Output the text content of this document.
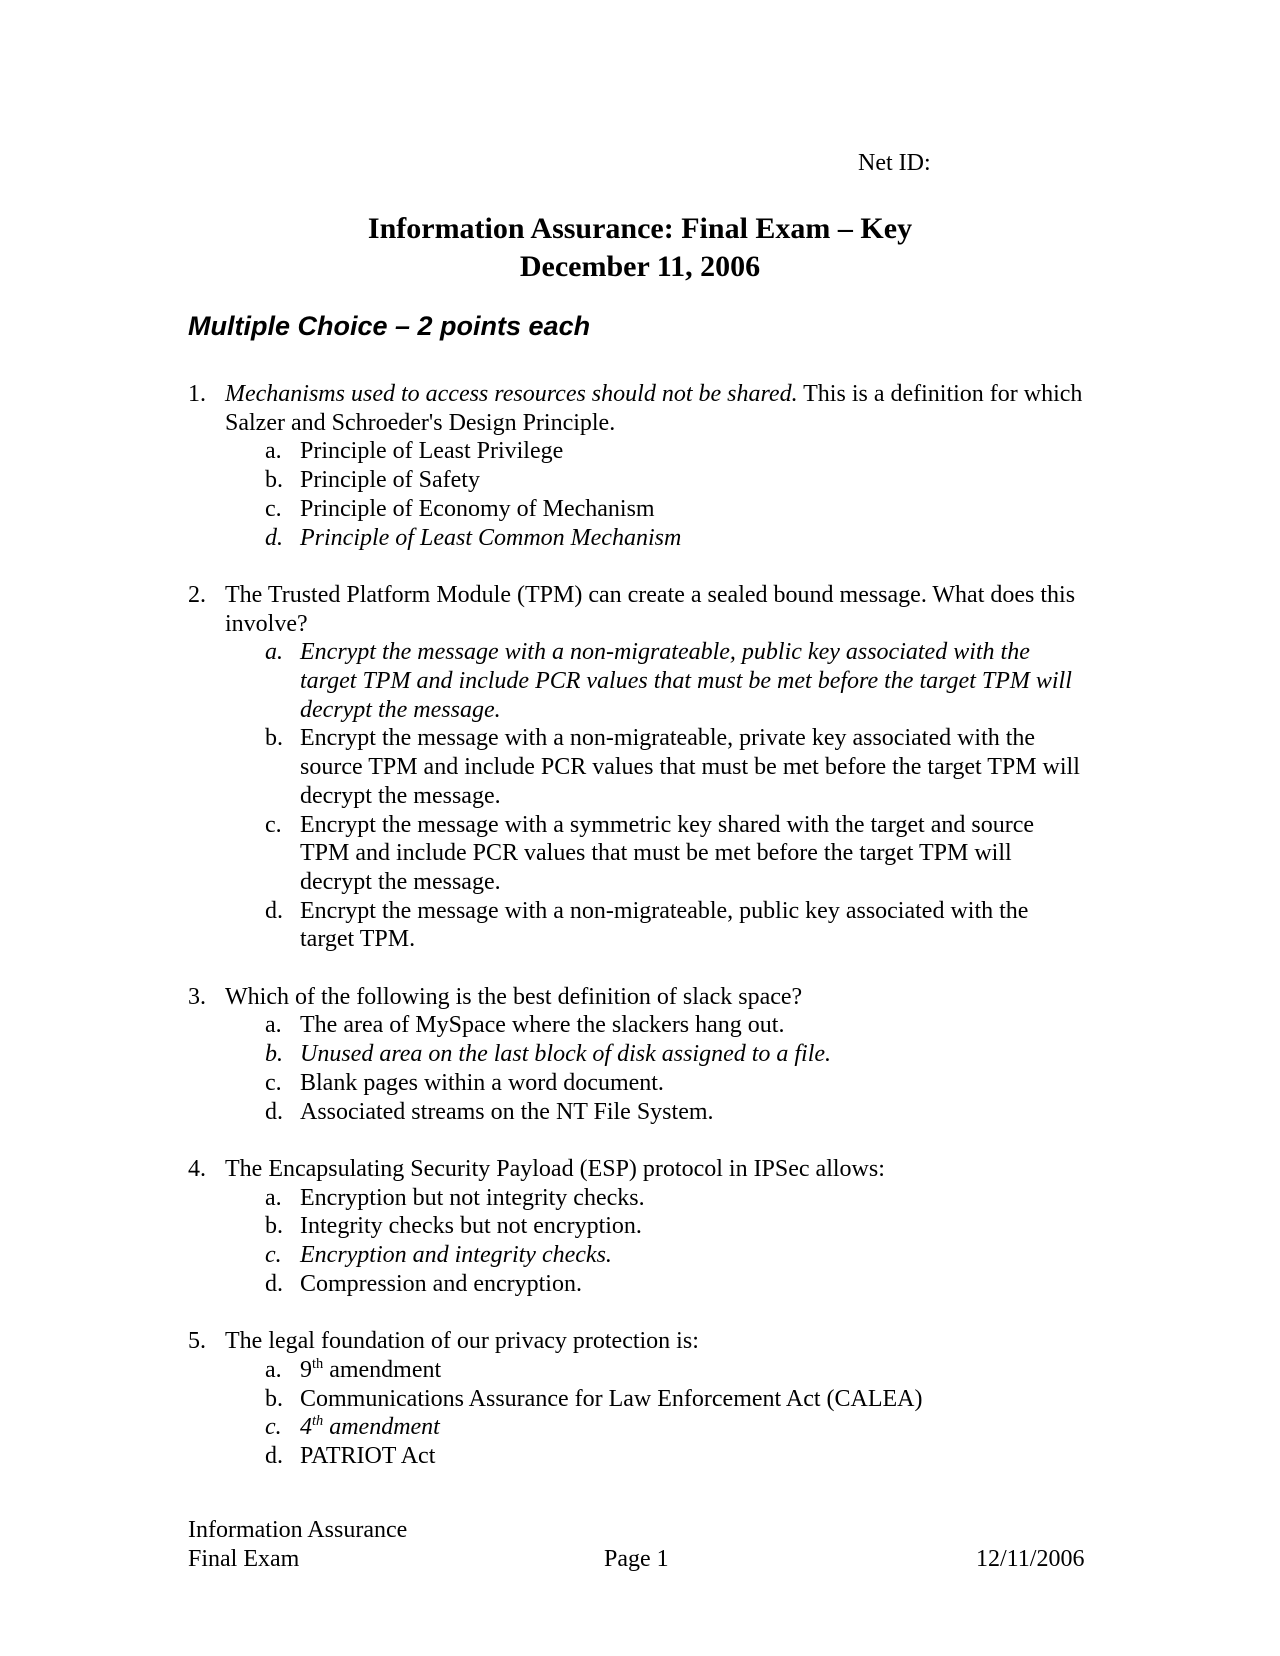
Net ID:
Information Assurance: Final Exam – Key
December 11, 2006
Multiple Choice – 2 points each
1. Mechanisms used to access resources should not be shared. This is a definition for which Salzer and Schroeder's Design Principle.
a. Principle of Least Privilege
b. Principle of Safety
c. Principle of Economy of Mechanism
d. Principle of Least Common Mechanism
2. The Trusted Platform Module (TPM) can create a sealed bound message. What does this involve?
a. Encrypt the message with a non-migrateable, public key associated with the target TPM and include PCR values that must be met before the target TPM will decrypt the message.
b. Encrypt the message with a non-migrateable, private key associated with the source TPM and include PCR values that must be met before the target TPM will decrypt the message.
c. Encrypt the message with a symmetric key shared with the target and source TPM and include PCR values that must be met before the target TPM will decrypt the message.
d. Encrypt the message with a non-migrateable, public key associated with the target TPM.
3. Which of the following is the best definition of slack space?
a. The area of MySpace where the slackers hang out.
b. Unused area on the last block of disk assigned to a file.
c. Blank pages within a word document.
d. Associated streams on the NT File System.
4. The Encapsulating Security Payload (ESP) protocol in IPSec allows:
a. Encryption but not integrity checks.
b. Integrity checks but not encryption.
c. Encryption and integrity checks.
d. Compression and encryption.
5. The legal foundation of our privacy protection is:
a. 9th amendment
b. Communications Assurance for Law Enforcement Act (CALEA)
c. 4th amendment
d. PATRIOT Act
Information Assurance
Final Exam	Page 1	12/11/2006
